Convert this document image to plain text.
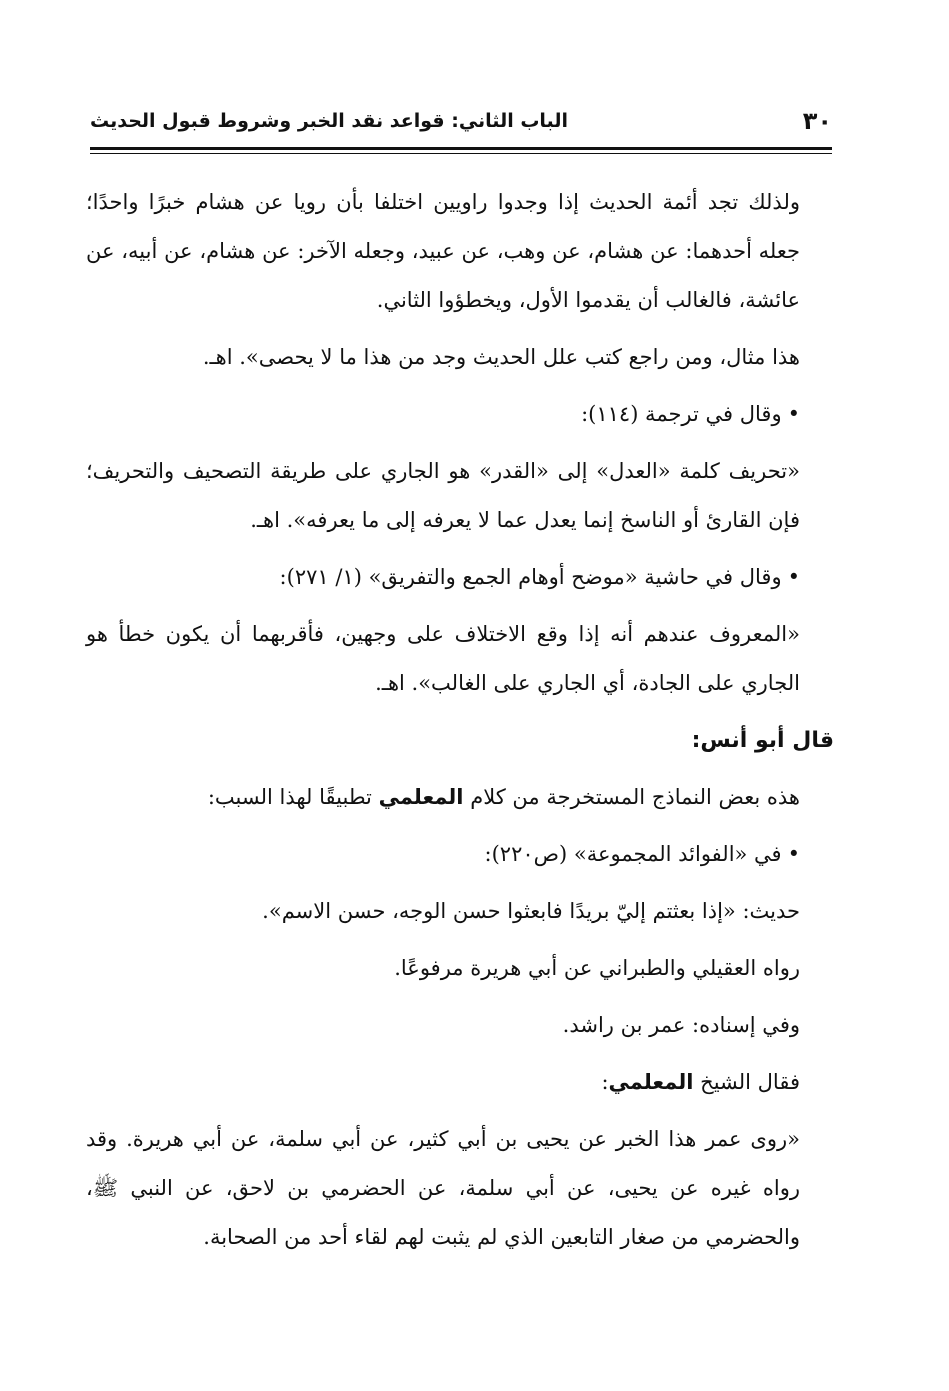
٣٠
الباب الثاني: قواعد نقد الخبر وشروط قبول الحديث

ولذلك تجد أئمة الحديث إذا وجدوا راويين اختلفا بأن رويا عن هشام خبرًا واحدًا؛ جعله أحدهما: عن هشام، عن وهب، عن عبيد، وجعله الآخر: عن هشام، عن أبيه، عن عائشة، فالغالب أن يقدموا الأول، ويخطؤوا الثاني.

هذا مثال، ومن راجع كتب علل الحديث وجد من هذا ما لا يحصى». اهـ.

•وقال في ترجمة (١١٤):

«تحريف كلمة «العدل» إلى «القدر» هو الجاري على طريقة التصحيف والتحريف؛ فإن القارئ أو الناسخ إنما يعدل عما لا يعرفه إلى ما يعرفه». اهـ.

•وقال في حاشية «موضح أوهام الجمع والتفريق» (١/ ٢٧١):

«المعروف عندهم أنه إذا وقع الاختلاف على وجهين، فأقربهما أن يكون خطأ هو الجاري على الجادة، أي الجاري على الغالب». اهـ.

قال أبو أنس:

هذه بعض النماذج المستخرجة من كلام المعلمي تطبيقًا لهذا السبب:

•في «الفوائد المجموعة» (ص٢٢٠):

حديث: «إذا بعثتم إليّ بريدًا فابعثوا حسن الوجه، حسن الاسم».

رواه العقيلي والطبراني عن أبي هريرة مرفوعًا.

وفي إسناده: عمر بن راشد.

فقال الشيخ المعلمي:

«روى عمر هذا الخبر عن يحيى بن أبي كثير، عن أبي سلمة، عن أبي هريرة. وقد رواه غيره عن يحيى، عن أبي سلمة، عن الحضرمي بن لاحق، عن النبي ﷺ، والحضرمي من صغار التابعين الذي لم يثبت لهم لقاء أحد من الصحابة.
